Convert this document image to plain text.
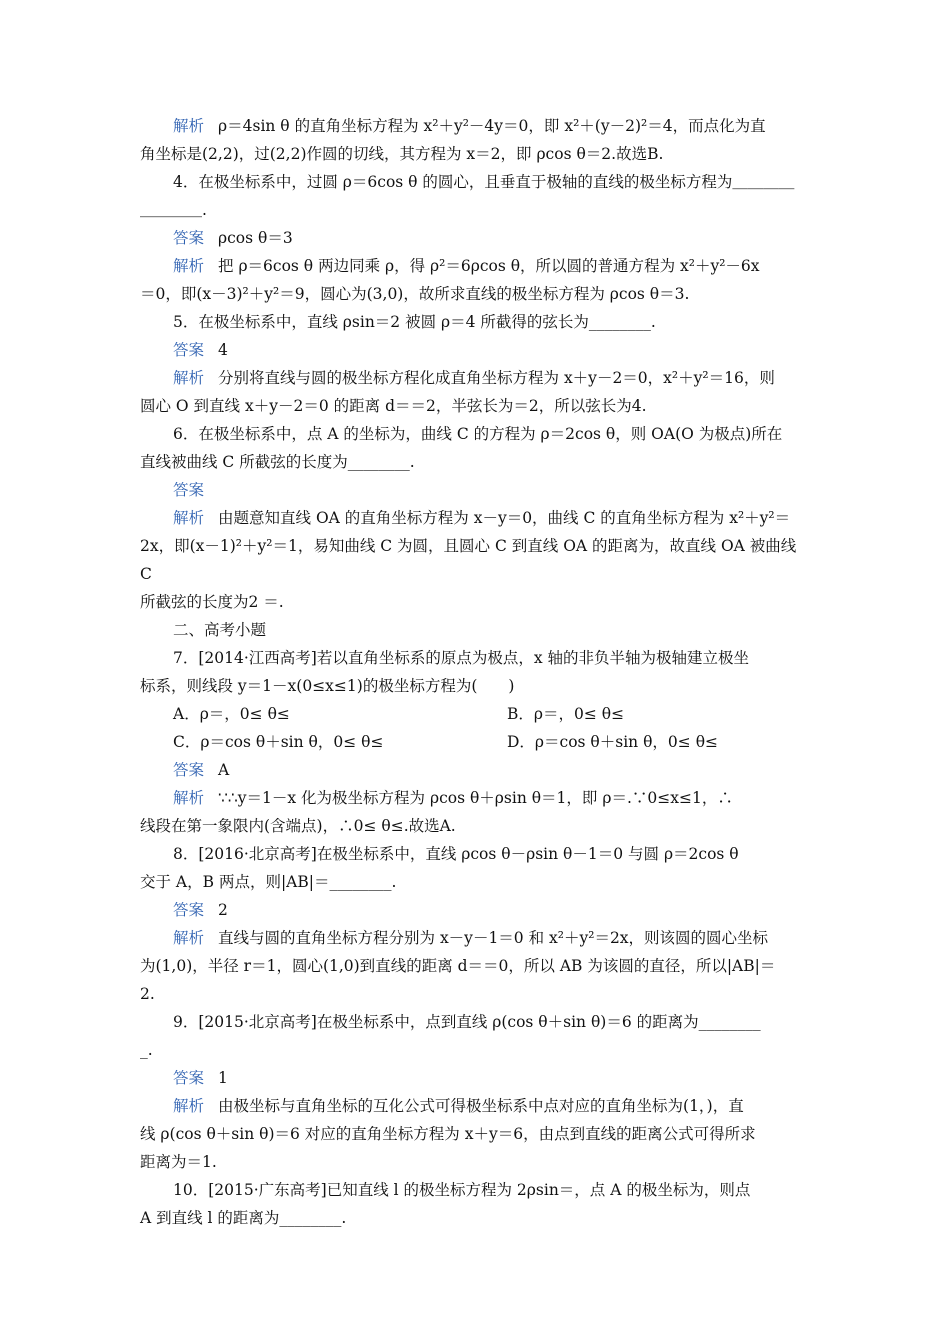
解析 ρ＝4sin θ 的直角坐标方程为 x²＋y²－4y＝0，即 x²＋(y－2)²＝4，而点化为直

角坐标是(2,2)，过(2,2)作圆的切线，其方程为 x＝2，即 ρcos θ＝2.故选B.

4．在极坐标系中，过圆 ρ＝6cos θ 的圆心，且垂直于极轴的直线的极坐标方程为＿＿＿＿

＿＿＿＿.

答案 ρcos θ＝3

解析 把 ρ＝6cos θ 两边同乘 ρ，得 ρ²＝6ρcos θ，所以圆的普通方程为 x²＋y²－6x

＝0，即(x－3)²＋y²＝9，圆心为(3,0)，故所求直线的极坐标方程为 ρcos θ＝3.

5．在极坐标系中，直线 ρsin＝2 被圆 ρ＝4 所截得的弦长为________.

答案 4

解析 分别将直线与圆的极坐标方程化成直角坐标方程为 x＋y－2＝0，x²＋y²＝16，则

圆心 O 到直线 x＋y－2＝0 的距离 d＝＝2，半弦长为＝2，所以弦长为4.

6．在极坐标系中，点 A 的坐标为，曲线 C 的方程为 ρ＝2cos θ，则 OA(O 为极点)所在

直线被曲线 C 所截弦的长度为________.

答案

解析 由题意知直线 OA 的直角坐标方程为 x－y＝0，曲线 C 的直角坐标方程为 x²＋y²＝

2x，即(x－1)²＋y²＝1，易知曲线 C 为圆，且圆心 C 到直线 OA 的距离为，故直线 OA 被曲线 C

所截弦的长度为2 ＝.

二、高考小题

7．[2014·江西高考]若以直角坐标系的原点为极点，x 轴的非负半轴为极轴建立极坐

标系，则线段 y＝1－x(0≤x≤1)的极坐标方程为(　　)

A．ρ＝，0≤ θ≤	B．ρ＝，0≤ θ≤
C．ρ＝cos θ＋sin θ，0≤ θ≤	D．ρ＝cos θ＋sin θ，0≤ θ≤

答案 A

解析 ∵∴y＝1－x 化为极坐标方程为 ρcos θ＋ρsin θ＝1，即 ρ＝.∵0≤x≤1，∴

线段在第一象限内(含端点)，∴0≤ θ≤.故选A.

8．[2016·北京高考]在极坐标系中，直线 ρcos θ－ρsin θ－1＝0 与圆 ρ＝2cos θ

交于 A，B 两点，则|AB|＝________.

答案 2

解析 直线与圆的直角坐标方程分别为 x－y－1＝0 和 x²＋y²＝2x，则该圆的圆心坐标

为(1,0)，半径 r＝1，圆心(1,0)到直线的距离 d＝＝0，所以 AB 为该圆的直径，所以|AB|＝

2.

9．[2015·北京高考]在极坐标系中，点到直线 ρ(cos θ＋sin θ)＝6 的距离为________

_.

答案 1

解析 由极坐标与直角坐标的互化公式可得极坐标系中点对应的直角坐标为(1，)，直

线 ρ(cos θ＋sin θ)＝6 对应的直角坐标方程为 x＋y＝6，由点到直线的距离公式可得所求

距离为＝1.

10．[2015·广东高考]已知直线 l 的极坐标方程为 2ρsin＝，点 A 的极坐标为，则点

A 到直线 l 的距离为________.
